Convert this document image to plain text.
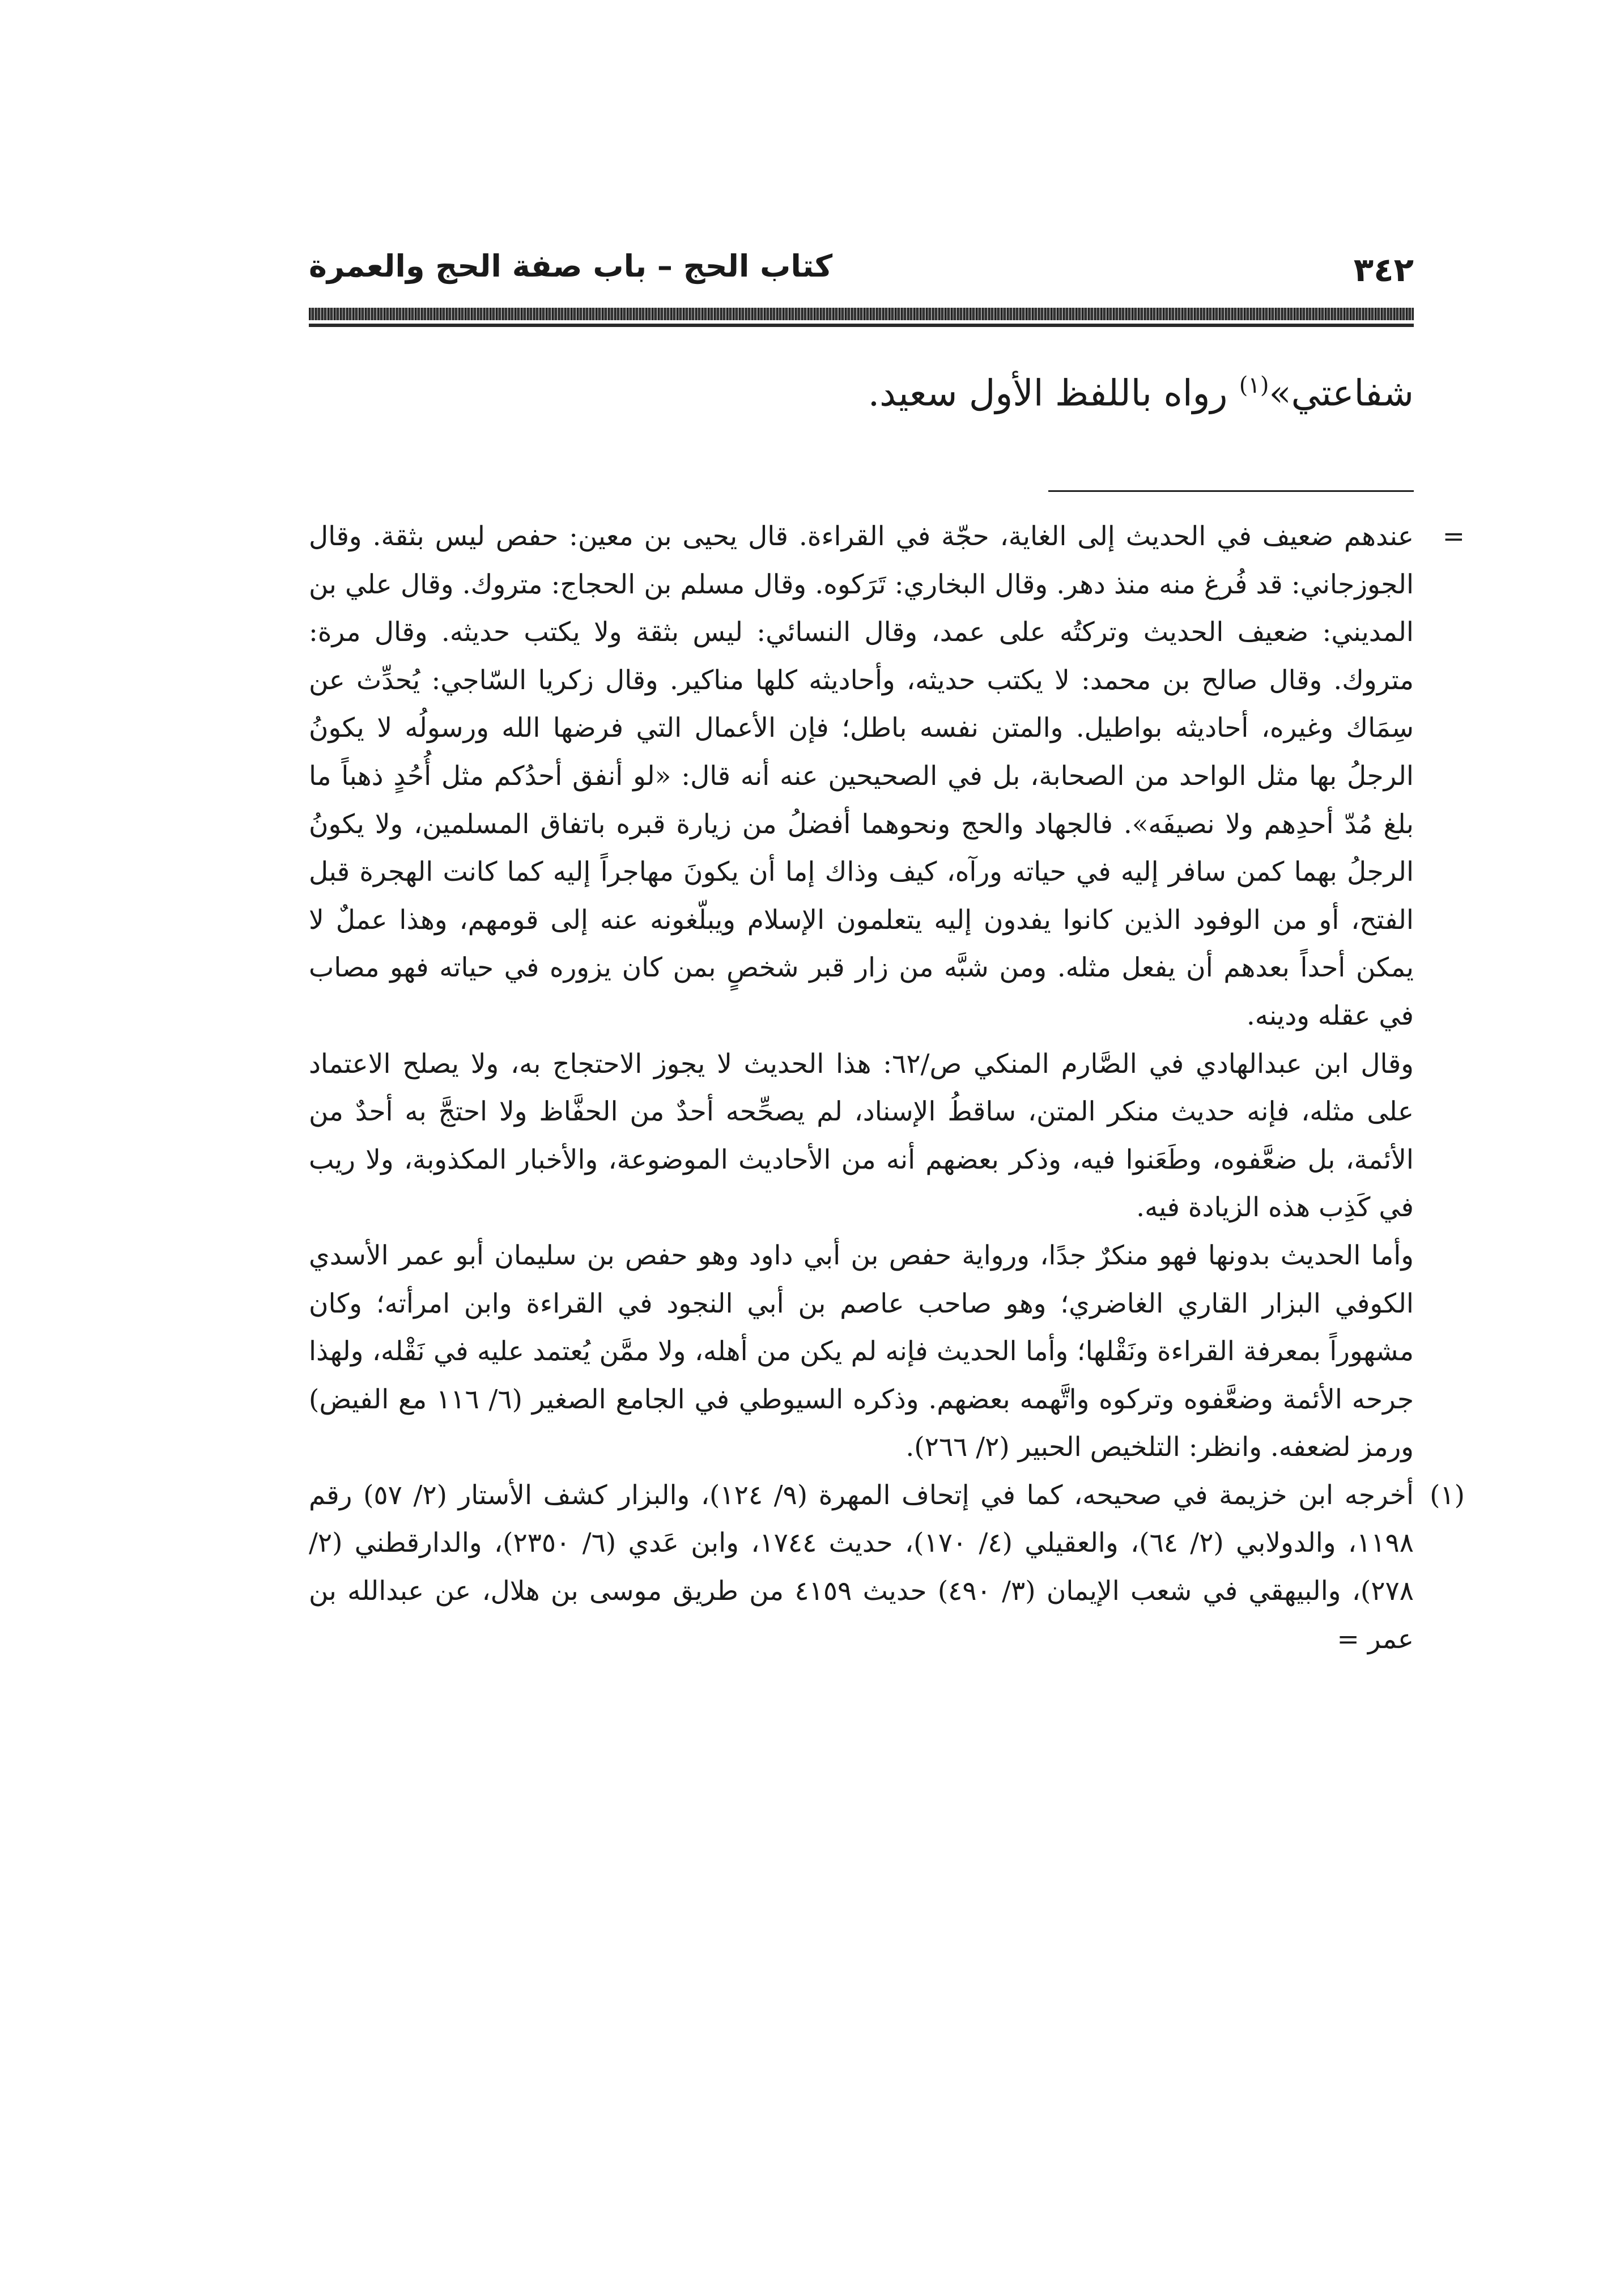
٣٤٢
كتاب الحج – باب صفة الحج والعمرة
شفاعتي»$^{(١)}$ رواه باللفظ الأول سعيد.
=

عندهم ضعيف في الحديث إلى الغاية، حجّة في القراءة. قال يحيى بن معين: حفص ليس بثقة. وقال الجوزجاني: قد فُرغ منه منذ دهر. وقال البخاري: تَرَكوه. وقال مسلم بن الحجاج: متروك. وقال علي بن المديني: ضعيف الحديث وتركتُه على عمد، وقال النسائي: ليس بثقة ولا يكتب حديثه. وقال مرة: متروك. وقال صالح بن محمد: لا يكتب حديثه، وأحاديثه كلها مناكير. وقال زكريا السّاجي: يُحدِّث عن سِمَاك وغيره، أحاديثه بواطيل. والمتن نفسه باطل؛ فإن الأعمال التي فرضها الله ورسولُه لا يكونُ الرجلُ بها مثل الواحد من الصحابة، بل في الصحيحين عنه أنه قال: «لو أنفق أحدُكم مثل أُحُدٍ ذهباً ما بلغ مُدّ أحدِهم ولا نصيفَه». فالجهاد والحج ونحوهما أفضلُ من زيارة قبره باتفاق المسلمين، ولا يكونُ الرجلُ بهما كمن سافر إليه في حياته ورآه، كيف وذاك إما أن يكونَ مهاجراً إليه كما كانت الهجرة قبل الفتح، أو من الوفود الذين كانوا يفدون إليه يتعلمون الإسلام ويبلّغونه عنه إلى قومهم، وهذا عملٌ لا يمكن أحداً بعدهم أن يفعل مثله. ومن شبَّه من زار قبر شخصٍ بمن كان يزوره في حياته فهو مصاب في عقله ودينه.

وقال ابن عبدالهادي في الصَّارم المنكي ص/٦٢: هذا الحديث لا يجوز الاحتجاج به، ولا يصلح الاعتماد على مثله، فإنه حديث منكر المتن، ساقطُ الإسناد، لم يصحِّحه أحدٌ من الحفَّاظ ولا احتجَّ به أحدٌ من الأئمة، بل ضعَّفوه، وطَعَنوا فيه، وذكر بعضهم أنه من الأحاديث الموضوعة، والأخبار المكذوبة، ولا ريب في كَذِب هذه الزيادة فيه.

وأما الحديث بدونها فهو منكرٌ جدًا، ورواية حفص بن أبي داود وهو حفص بن سليمان أبو عمر الأسدي الكوفي البزار القاري الغاضري؛ وهو صاحب عاصم بن أبي النجود في القراءة وابن امرأته؛ وكان مشهوراً بمعرفة القراءة ونَقْلها؛ وأما الحديث فإنه لم يكن من أهله، ولا ممَّن يُعتمد عليه في نَقْله، ولهذا جرحه الأئمة وضعَّفوه وتركوه واتَّهمه بعضهم. وذكره السيوطي في الجامع الصغير (٦/ ١١٦ مع الفيض) ورمز لضعفه. وانظر: التلخيص الحبير (٢/ ٢٦٦).

(١)

أخرجه ابن خزيمة في صحيحه، كما في إتحاف المهرة (٩/ ١٢٤)، والبزار كشف الأستار (٢/ ٥٧) رقم ١١٩٨، والدولابي (٢/ ٦٤)، والعقيلي (٤/ ١٧٠)، حديث ١٧٤٤، وابن عَدي (٦/ ٢٣٥٠)، والدارقطني (٢/ ٢٧٨)، والبيهقي في شعب الإيمان (٣/ ٤٩٠) حديث ٤١٥٩ من طريق موسى بن هلال، عن عبدالله بن عمر =
